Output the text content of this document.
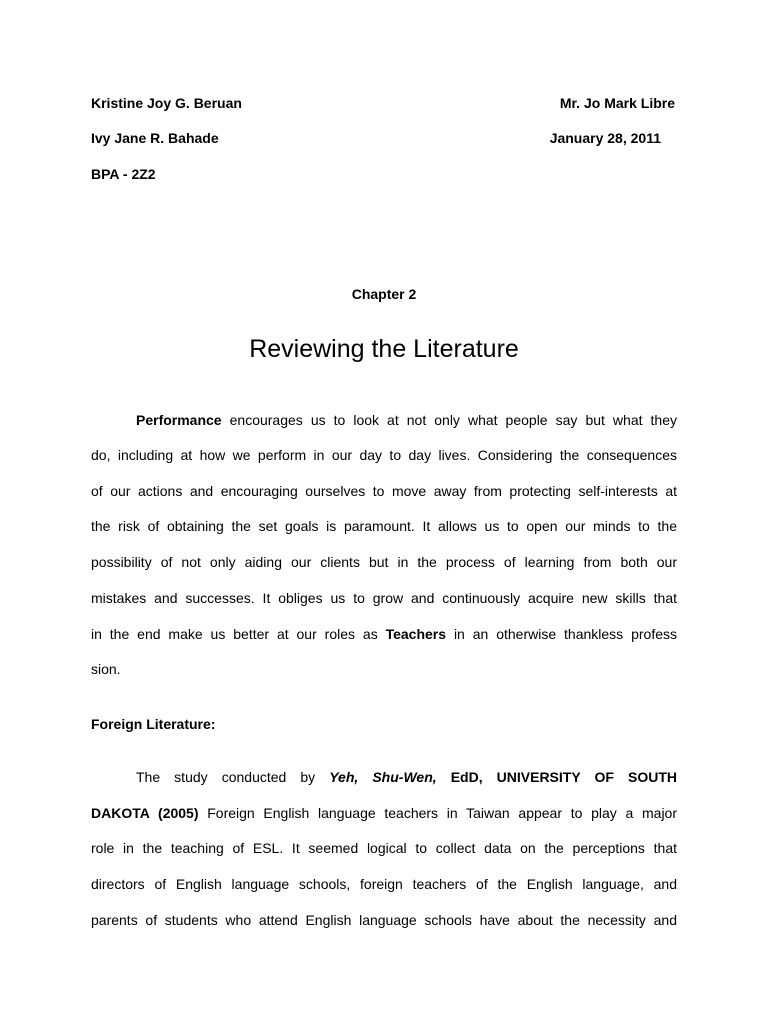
Kristine Joy G. Beruan
Ivy Jane R. Bahade
BPA - 2Z2
Mr. Jo Mark Libre
January 28, 2011
Chapter 2
Reviewing the Literature
Performance encourages us to look at not only what people say but what they
do, including at how we perform in our day to day lives. Considering the consequences
of our actions and encouraging ourselves to move away from protecting self-interests at
the risk of obtaining the set goals is paramount. It allows us to open our minds to the
possibility of not only aiding our clients but in the process of learning from both our
mistakes and successes. It obliges us to grow and continuously acquire new skills that
in the end make us better at our roles as Teachers in an otherwise thankless profess
sion.
Foreign Literature:
The study conducted by Yeh, Shu-Wen, EdD, UNIVERSITY OF SOUTH
DAKOTA (2005) Foreign English language teachers in Taiwan appear to play a major
role in the teaching of ESL. It seemed logical to collect data on the perceptions that
directors of English language schools, foreign teachers of the English language, and
parents of students who attend English language schools have about the necessity and
